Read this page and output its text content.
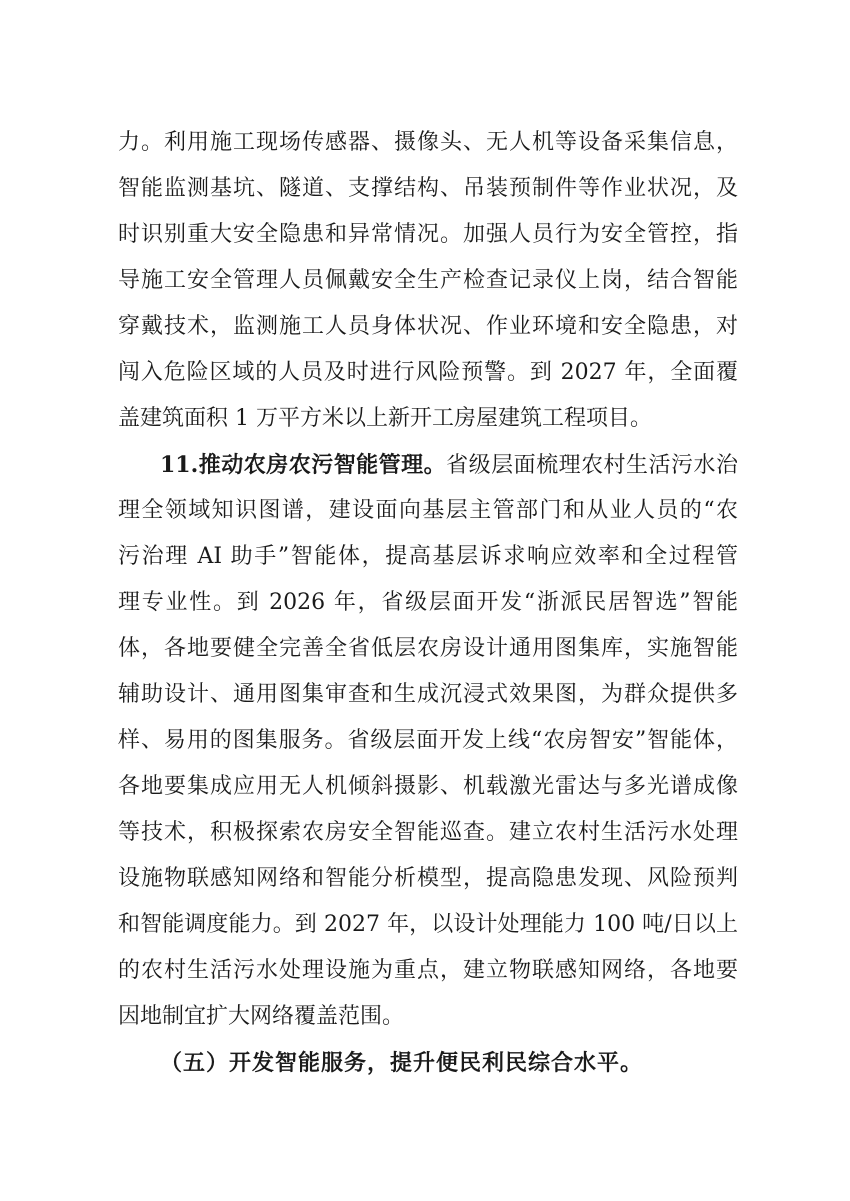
力。利用施工现场传感器、摄像头、无人机等设备采集信息，
智能监测基坑、隧道、支撑结构、吊装预制件等作业状况，及
时识别重大安全隐患和异常情况。加强人员行为安全管控，指
导施工安全管理人员佩戴安全生产检查记录仪上岗，结合智能
穿戴技术，监测施工人员身体状况、作业环境和安全隐患，对
闯入危险区域的人员及时进行风险预警。到 2027 年，全面覆
盖建筑面积 1 万平方米以上新开工房屋建筑工程项目。
11.推动农房农污智能管理。省级层面梳理农村生活污水治
理全领域知识图谱，建设面向基层主管部门和从业人员的“农
污治理 AI 助手”智能体，提高基层诉求响应效率和全过程管
理专业性。到 2026 年，省级层面开发“浙派民居智选”智能
体，各地要健全完善全省低层农房设计通用图集库，实施智能
辅助设计、通用图集审查和生成沉浸式效果图，为群众提供多
样、易用的图集服务。省级层面开发上线“农房智安”智能体，
各地要集成应用无人机倾斜摄影、机载激光雷达与多光谱成像
等技术，积极探索农房安全智能巡查。建立农村生活污水处理
设施物联感知网络和智能分析模型，提高隐患发现、风险预判
和智能调度能力。到 2027 年，以设计处理能力 100 吨/日以上
的农村生活污水处理设施为重点，建立物联感知网络，各地要
因地制宜扩大网络覆盖范围。
（五）开发智能服务，提升便民利民综合水平。
